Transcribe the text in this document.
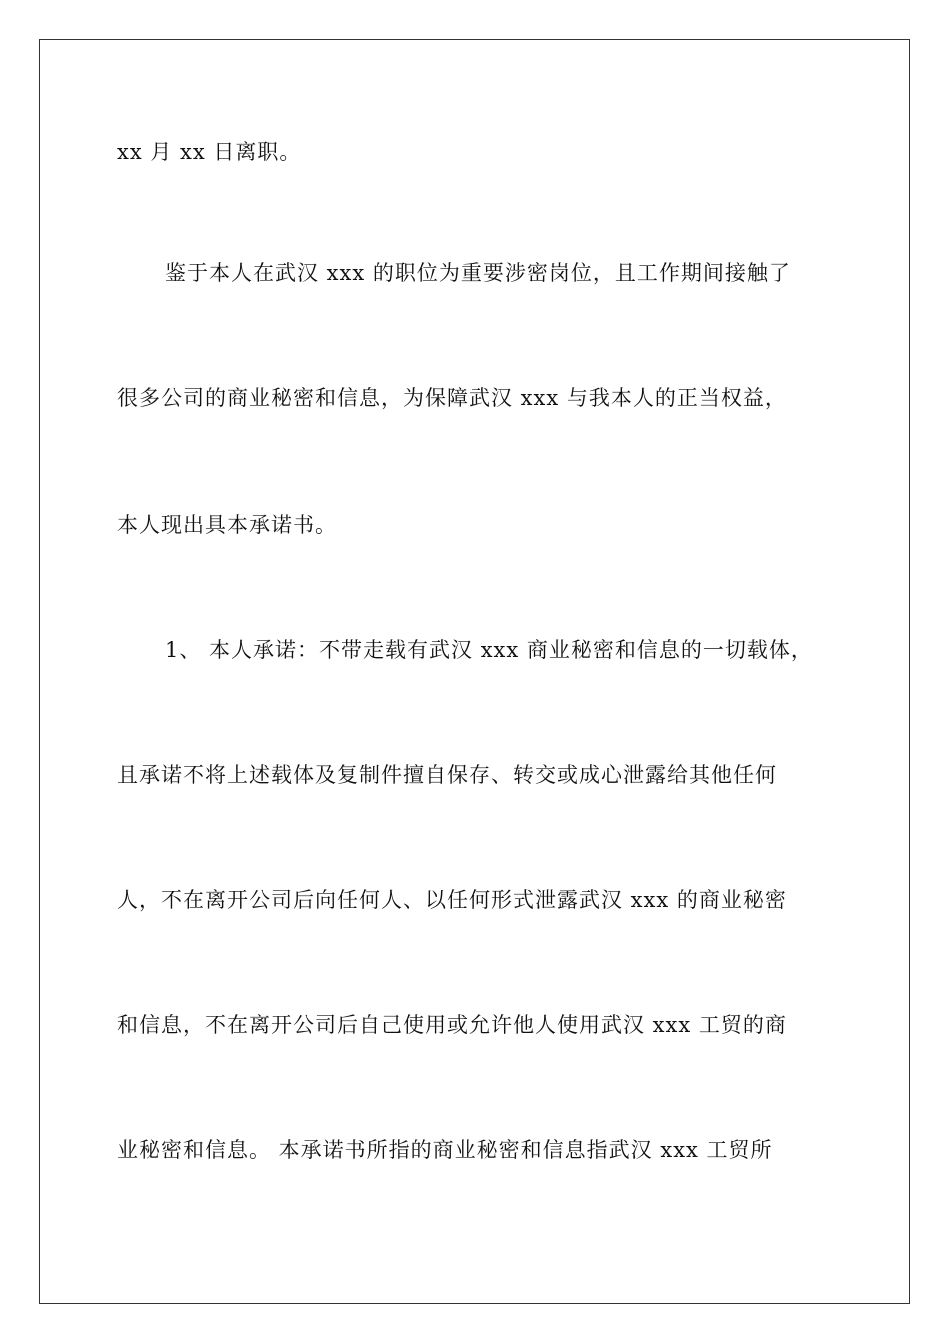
xx 月 xx 日离职。
鉴于本人在武汉 xxx 的职位为重要涉密岗位，且工作期间接触了
很多公司的商业秘密和信息，为保障武汉 xxx 与我本人的正当权益，
本人现出具本承诺书。
1、 本人承诺：不带走载有武汉 xxx 商业秘密和信息的一切载体，
且承诺不将上述载体及复制件擅自保存、转交或成心泄露给其他任何
人，不在离开公司后向任何人、以任何形式泄露武汉 xxx 的商业秘密
和信息，不在离开公司后自己使用或允许他人使用武汉 xxx 工贸的商
业秘密和信息。 本承诺书所指的商业秘密和信息指武汉 xxx 工贸所
